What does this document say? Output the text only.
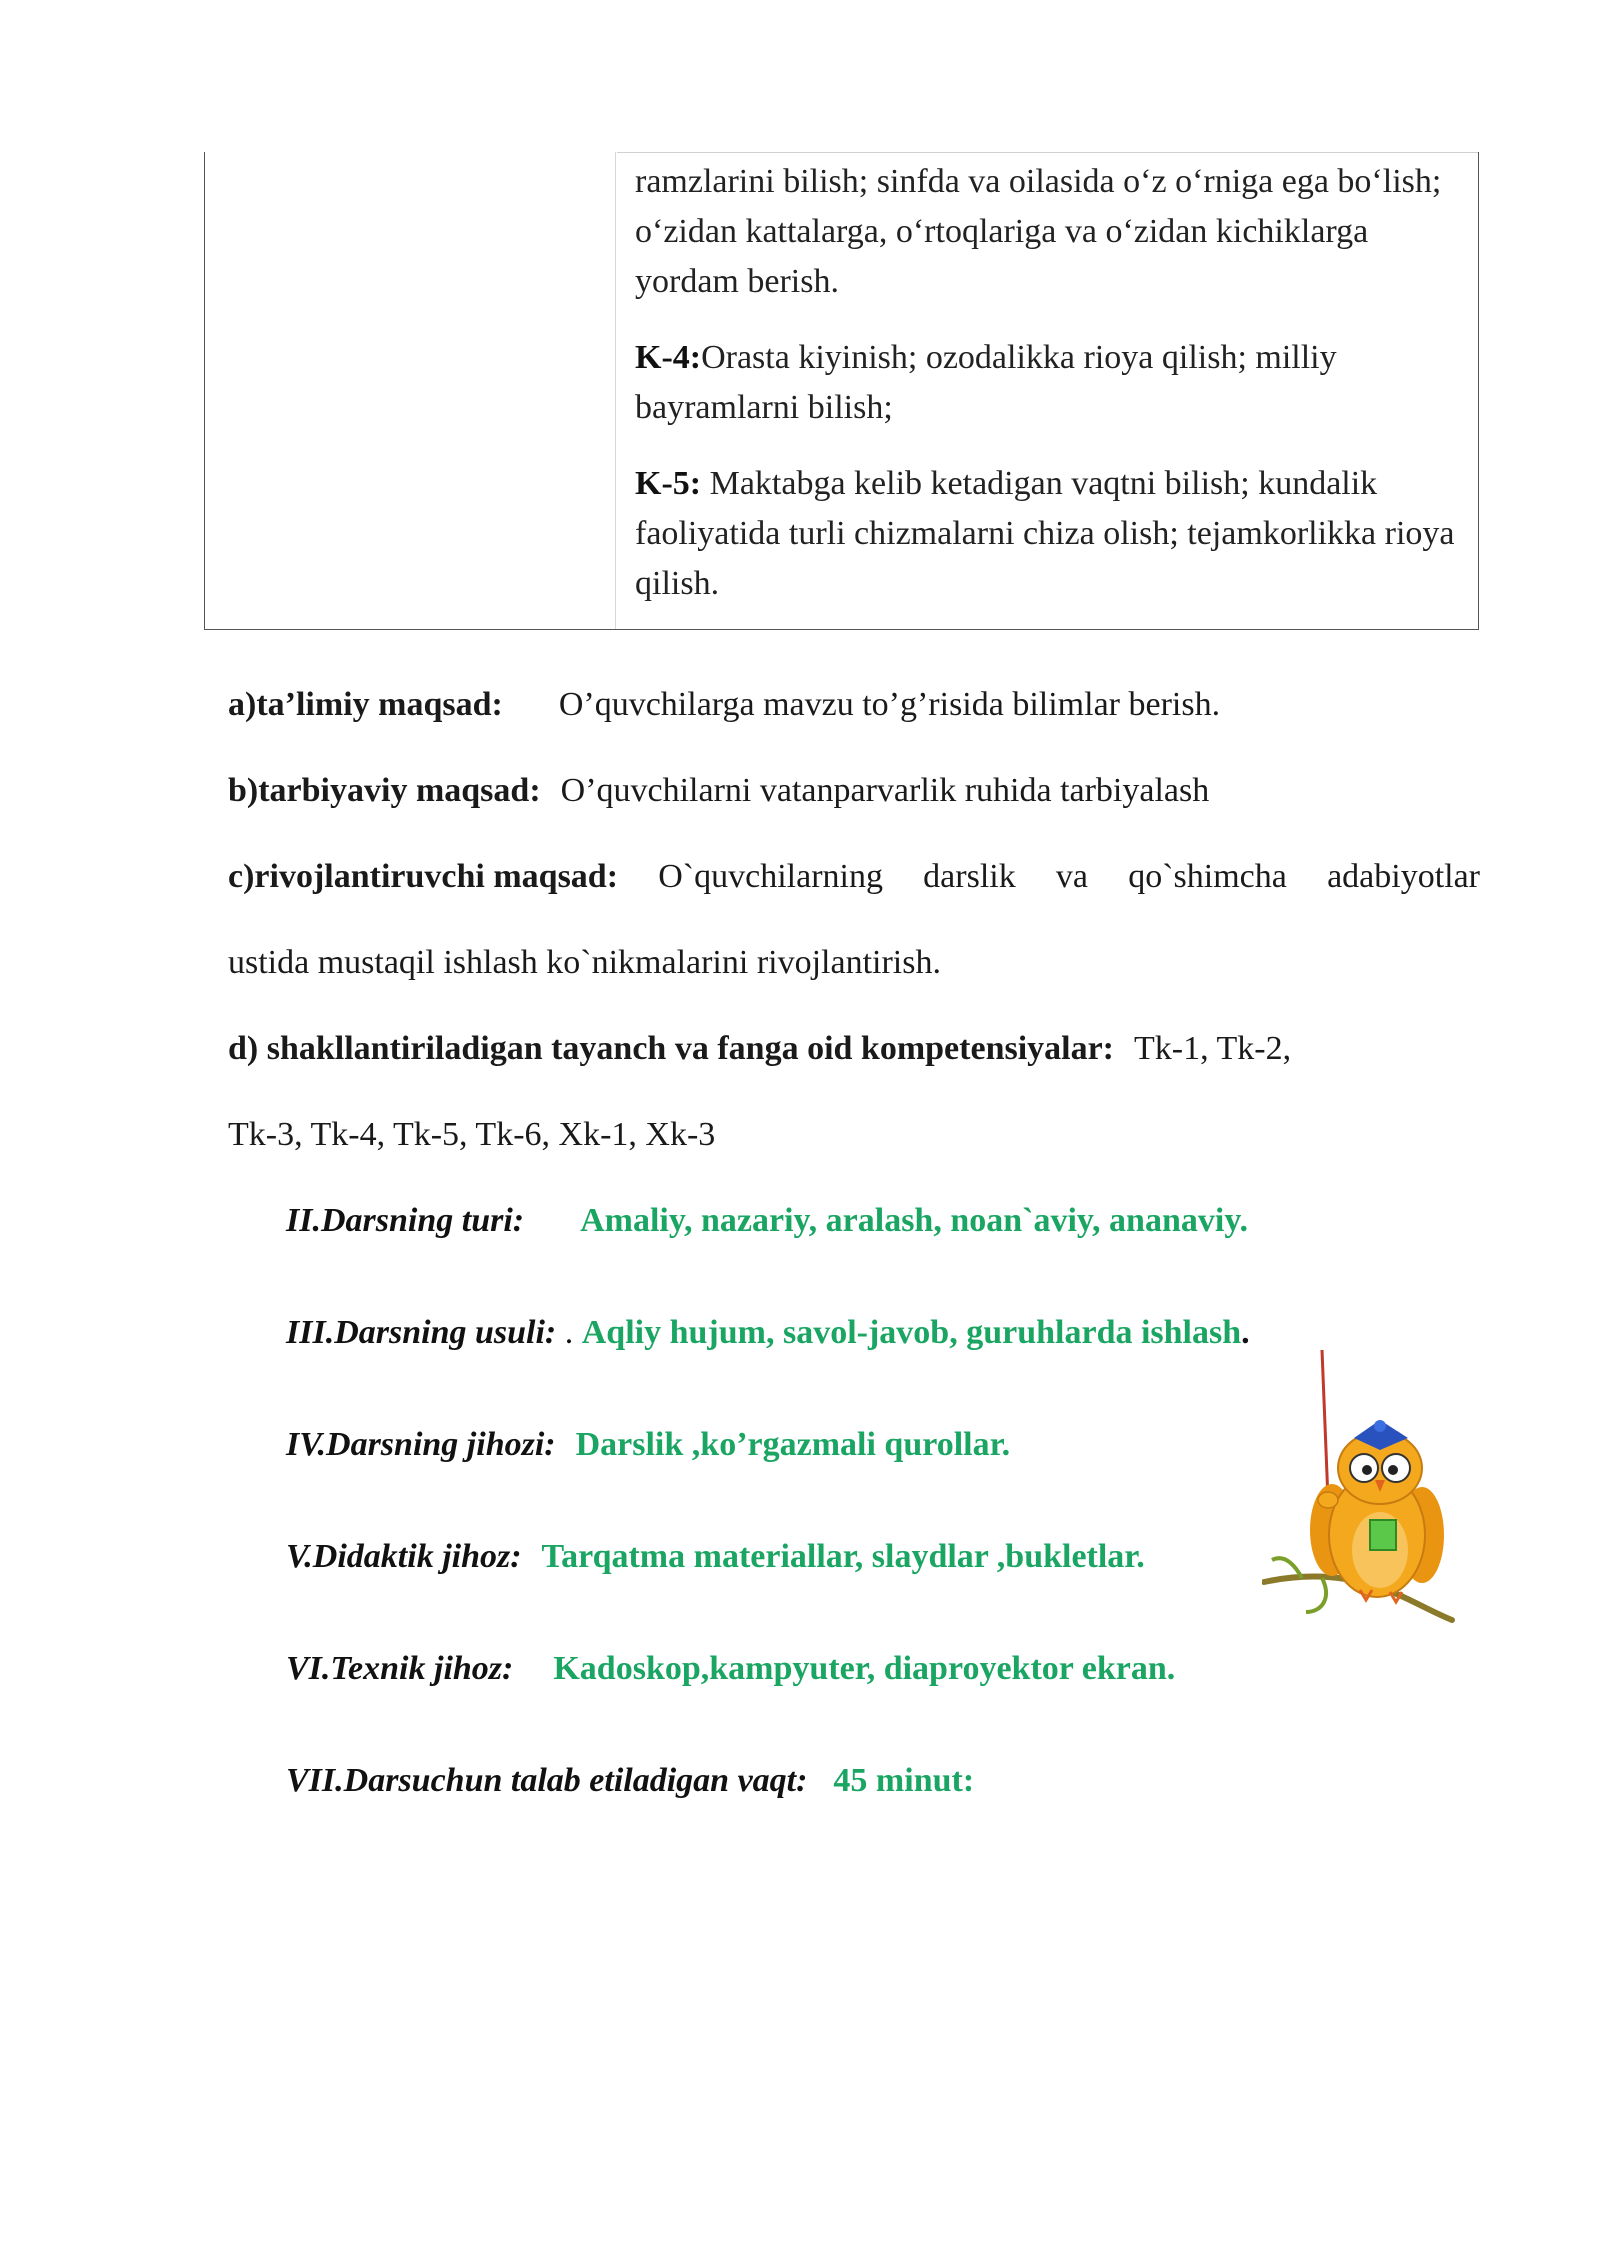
ramzlarini bilish; sinfda va oilasida o‘z o‘rniga ega bo‘lish; o‘zidan kattalarga, o‘rtoqlariga va o‘zidan kichiklarga yordam berish.

K-4:Orasta kiyinish; ozodalikka rioya qilish; milliy bayramlarni bilish;

K-5: Maktabga kelib ketadigan vaqtni bilish; kundalik faoliyatida turli chizmalarni chiza olish; tejamkorlikka rioya qilish.

a)ta’limiy maqsad: O’quvchilarga mavzu to’g’risida bilimlar berish.
b)tarbiyaviy maqsad: O’quvchilarni vatanparvarlik ruhida tarbiyalash
c)rivojlantiruvchi maqsad: O`quvchilarning darslik va qo`shimcha adabiyotlar
ustida mustaqil ishlash ko`nikmalarini rivojlantirish.
d) shakllantiriladigan tayanch va fanga oid kompetensiyalar: Tk-1, Tk-2,
Tk-3, Tk-4, Tk-5, Tk-6, Xk-1, Xk-3
II.Darsning turi: Amaliy, nazariy, aralash, noan`aviy, ananaviy.
III.Darsning usuli: . Aqliy hujum, savol-javob, guruhlarda ishlash.
IV.Darsning jihozi: Darslik ,ko’rgazmali qurollar.
V.Didaktik jihoz: Tarqatma materiallar, slaydlar ,bukletlar.
VI.Texnik jihoz: Kadoskop,kampyuter, diaproyektor ekran.
VII.Darsuchun talab etiladigan vaqt: 45 minut:
